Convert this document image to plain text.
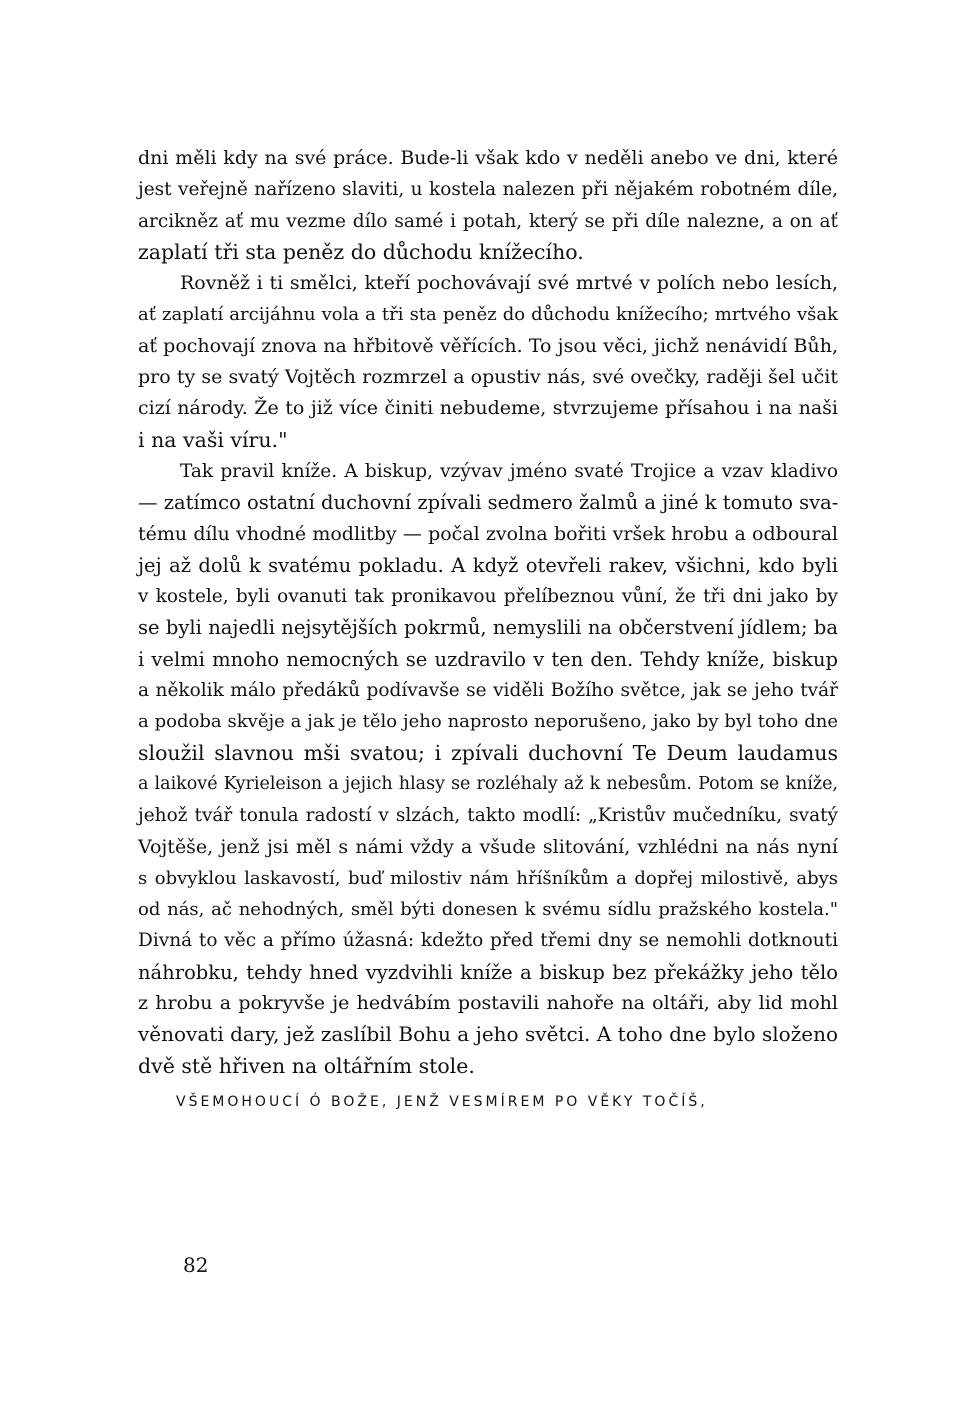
dni měli kdy na své práce. Bude-li však kdo v neděli anebo ve dni, které
jest veřejně nařízeno slaviti, u kostela nalezen při nějakém robotném díle,
arcikněz ať mu vezme dílo samé i potah, který se při díle nalezne, a on ať
zaplatí tři sta peněz do důchodu knížecího.
Rovněž i ti smělci, kteří pochovávají své mrtvé v polích nebo lesích,
ať zaplatí arcijáhnu vola a tři sta peněz do důchodu knížecího; mrtvého však
ať pochovají znova na hřbitově věřících. To jsou věci, jichž nenávidí Bůh,
pro ty se svatý Vojtěch rozmrzel a opustiv nás, své ovečky, raději šel učit
cizí národy. Že to již více činiti nebudeme, stvrzujeme přísahou i na naši
i na vaši víru."
Tak pravil kníže. A biskup, vzývav jméno svaté Trojice a vzav kladivo
— zatímco ostatní duchovní zpívali sedmero žalmů a jiné k tomuto sva-
tému dílu vhodné modlitby — počal zvolna bořiti vršek hrobu a odboural
jej až dolů k svatému pokladu. A když otevřeli rakev, všichni, kdo byli
v kostele, byli ovanuti tak pronikavou přelíbeznou vůní, že tři dni jako by
se byli najedli nejsytějších pokrmů, nemyslili na občerstvení jídlem; ba
i velmi mnoho nemocných se uzdravilo v ten den. Tehdy kníže, biskup
a několik málo předáků podívavše se viděli Božího světce, jak se jeho tvář
a podoba skvěje a jak je tělo jeho naprosto neporušeno, jako by byl toho dne
sloužil slavnou mši svatou; i zpívali duchovní Te Deum laudamus
a laikové Kyrieleison a jejich hlasy se rozléhaly až k nebesům. Potom se kníže,
jehož tvář tonula radostí v slzách, takto modlí: „Kristův mučedníku, svatý
Vojtěše, jenž jsi měl s námi vždy a všude slitování, vzhlédni na nás nyní
s obvyklou laskavostí, buď milostiv nám hříšníkům a dopřej milostivě, abys
od nás, ač nehodných, směl býti donesen k svému sídlu pražského kostela."
Divná to věc a přímo úžasná: kdežto před třemi dny se nemohli dotknouti
náhrobku, tehdy hned vyzdvihli kníže a biskup bez překážky jeho tělo
z hrobu a pokryvše je hedvábím postavili nahoře na oltáři, aby lid mohl
věnovati dary, jež zaslíbil Bohu a jeho světci. A toho dne bylo složeno
dvě stě hřiven na oltářním stole.
VŠEMOHOUCÍ Ó BOŽE, JENŽ VESMÍREM PO VĚKY TOČÍŠ,
82
